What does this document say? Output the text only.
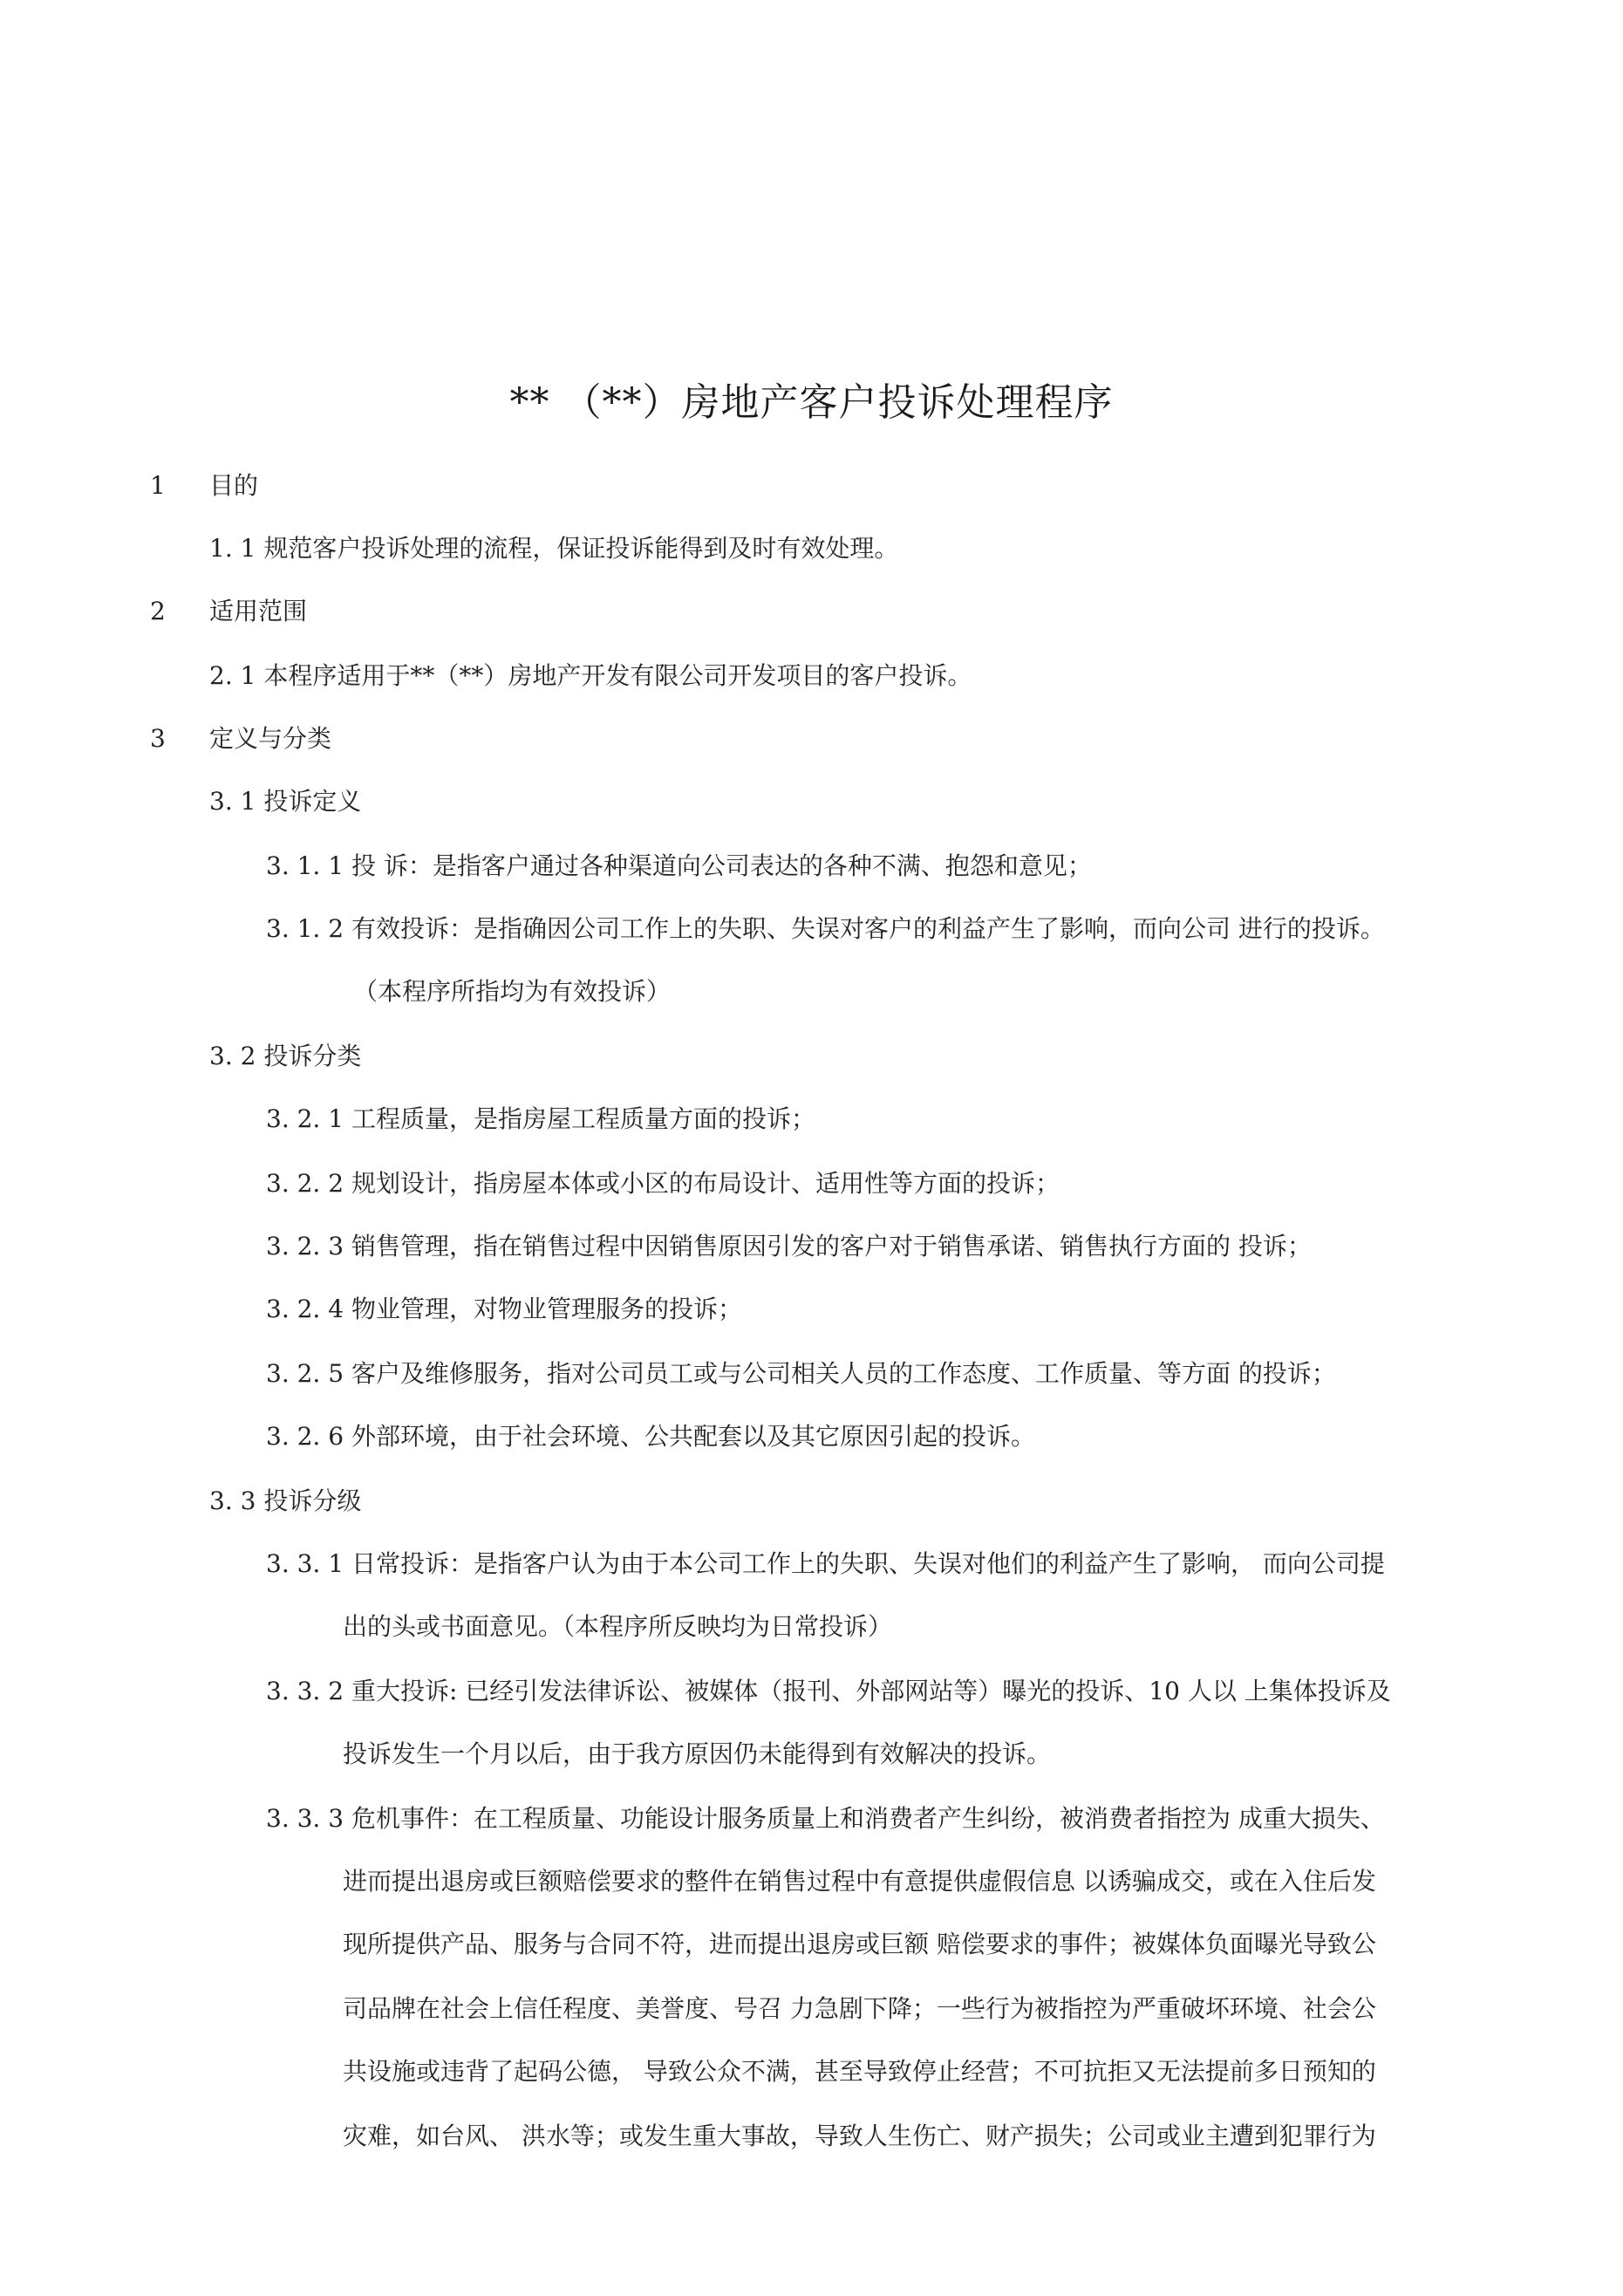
** （**）房地产客户投诉处理程序
1 目的
1. 1 规范客户投诉处理的流程，保证投诉能得到及时有效处理。
2 适用范围
2. 1 本程序适用于**（**）房地产开发有限公司开发项目的客户投诉。
3 定义与分类
3. 1 投诉定义
3. 1. 1 投 诉：是指客户通过各种渠道向公司表达的各种不满、抱怨和意见；
3. 1. 2 有效投诉：是指确因公司工作上的失职、失误对客户的利益产生了影响，而向公司 进行的投诉。
（本程序所指均为有效投诉）
3. 2 投诉分类
3. 2. 1 工程质量，是指房屋工程质量方面的投诉；
3. 2. 2 规划设计，指房屋本体或小区的布局设计、适用性等方面的投诉；
3. 2. 3 销售管理，指在销售过程中因销售原因引发的客户对于销售承诺、销售执行方面的 投诉；
3. 2. 4 物业管理，对物业管理服务的投诉；
3. 2. 5 客户及维修服务，指对公司员工或与公司相关人员的工作态度、工作质量、等方面 的投诉；
3. 2. 6 外部环境，由于社会环境、公共配套以及其它原因引起的投诉。
3. 3 投诉分级
3. 3. 1 日常投诉：是指客户认为由于本公司工作上的失职、失误对他们的利益产生了影响， 而向公司提
出的头或书面意见。（本程序所反映均为日常投诉）
3. 3. 2 重大投诉: 已经引发法律诉讼、被媒体（报刊、外部网站等）曝光的投诉、10 人以 上集体投诉及
投诉发生一个月以后，由于我方原因仍未能得到有效解决的投诉。
3. 3. 3 危机事件：在工程质量、功能设计服务质量上和消费者产生纠纷，被消费者指控为 成重大损失、
进而提出退房或巨额赔偿要求的整件在销售过程中有意提供虚假信息 以诱骗成交，或在入住后发
现所提供产品、服务与合同不符，进而提出退房或巨额 赔偿要求的事件；被媒体负面曝光导致公
司品牌在社会上信任程度、美誉度、号召 力急剧下降；一些行为被指控为严重破坏环境、社会公
共设施或违背了起码公德， 导致公众不满，甚至导致停止经营；不可抗拒又无法提前多日预知的
灾难，如台风、 洪水等；或发生重大事故，导致人生伤亡、财产损失；公司或业主遭到犯罪行为
